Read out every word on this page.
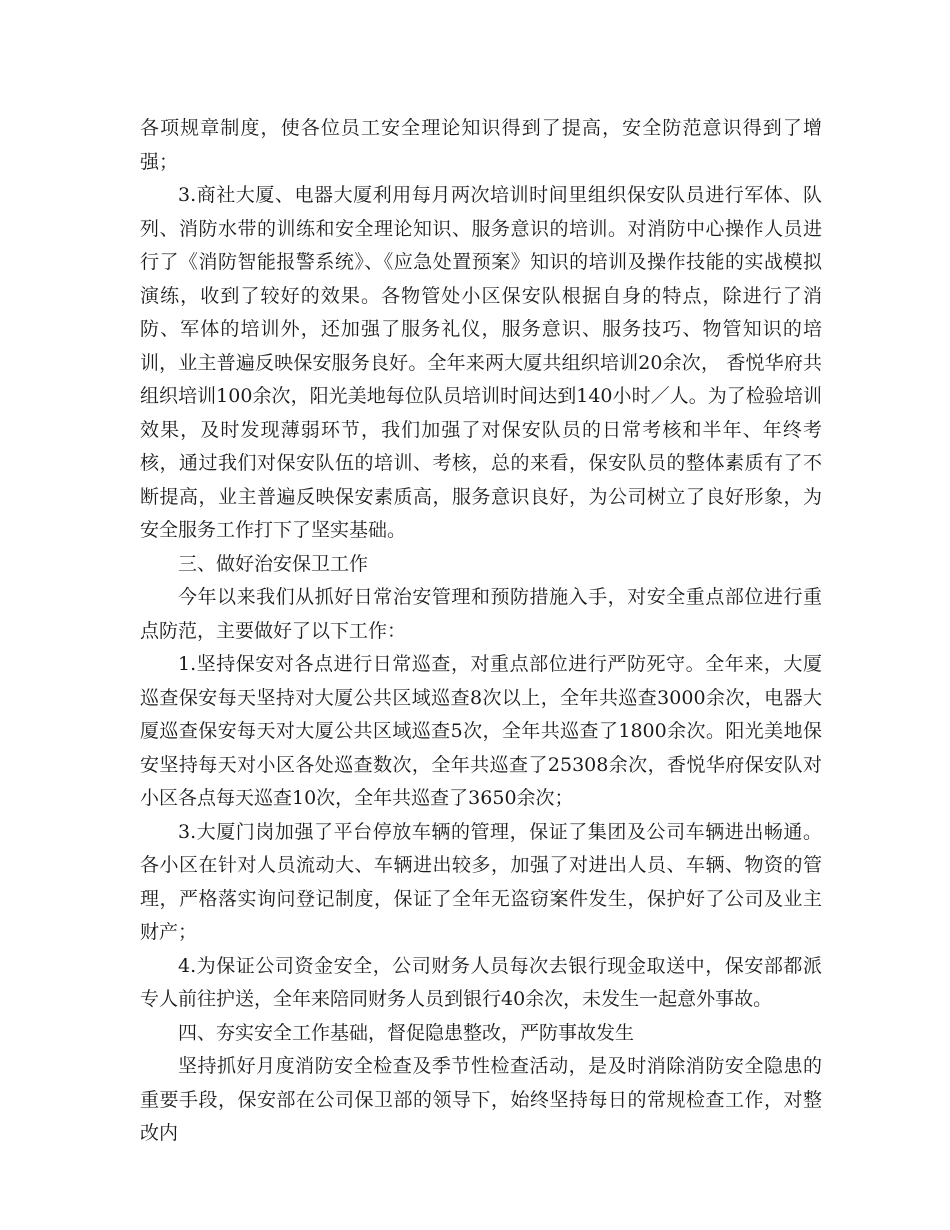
各项规章制度，使各位员工安全理论知识得到了提高，安全防范意识得到了增强；

3.商社大厦、电器大厦利用每月两次培训时间里组织保安队员进行军体、队列、消防水带的训练和安全理论知识、服务意识的培训。对消防中心操作人员进行了《消防智能报警系统》、《应急处置预案》知识的培训及操作技能的实战模拟演练，收到了较好的效果。各物管处小区保安队根据自身的特点，除进行了消防、军体的培训外，还加强了服务礼仪，服务意识、服务技巧、物管知识的培训，业主普遍反映保安服务良好。全年来两大厦共组织培训20余次， 香悦华府共组织培训100余次，阳光美地每位队员培训时间达到140小时／人。为了检验培训效果，及时发现薄弱环节，我们加强了对保安队员的日常考核和半年、年终考核，通过我们对保安队伍的培训、考核，总的来看，保安队员的整体素质有了不断提高，业主普遍反映保安素质高，服务意识良好，为公司树立了良好形象，为安全服务工作打下了坚实基础。

三、做好治安保卫工作

今年以来我们从抓好日常治安管理和预防措施入手，对安全重点部位进行重点防范，主要做好了以下工作：

1.坚持保安对各点进行日常巡查，对重点部位进行严防死守。全年来，大厦巡查保安每天坚持对大厦公共区域巡查8次以上，全年共巡查3000余次，电器大厦巡查保安每天对大厦公共区域巡查5次，全年共巡查了1800余次。阳光美地保安坚持每天对小区各处巡查数次，全年共巡查了25308余次，香悦华府保安队对小区各点每天巡查10次，全年共巡查了3650余次；

3.大厦门岗加强了平台停放车辆的管理，保证了集团及公司车辆进出畅通。各小区在针对人员流动大、车辆进出较多，加强了对进出人员、车辆、物资的管理，严格落实询问登记制度，保证了全年无盗窃案件发生，保护好了公司及业主财产；

4.为保证公司资金安全，公司财务人员每次去银行现金取送中，保安部都派专人前往护送，全年来陪同财务人员到银行40余次，未发生一起意外事故。

四、夯实安全工作基础，督促隐患整改，严防事故发生

坚持抓好月度消防安全检查及季节性检查活动，是及时消除消防安全隐患的重要手段，保安部在公司保卫部的领导下，始终坚持每日的常规检查工作，对整改内
